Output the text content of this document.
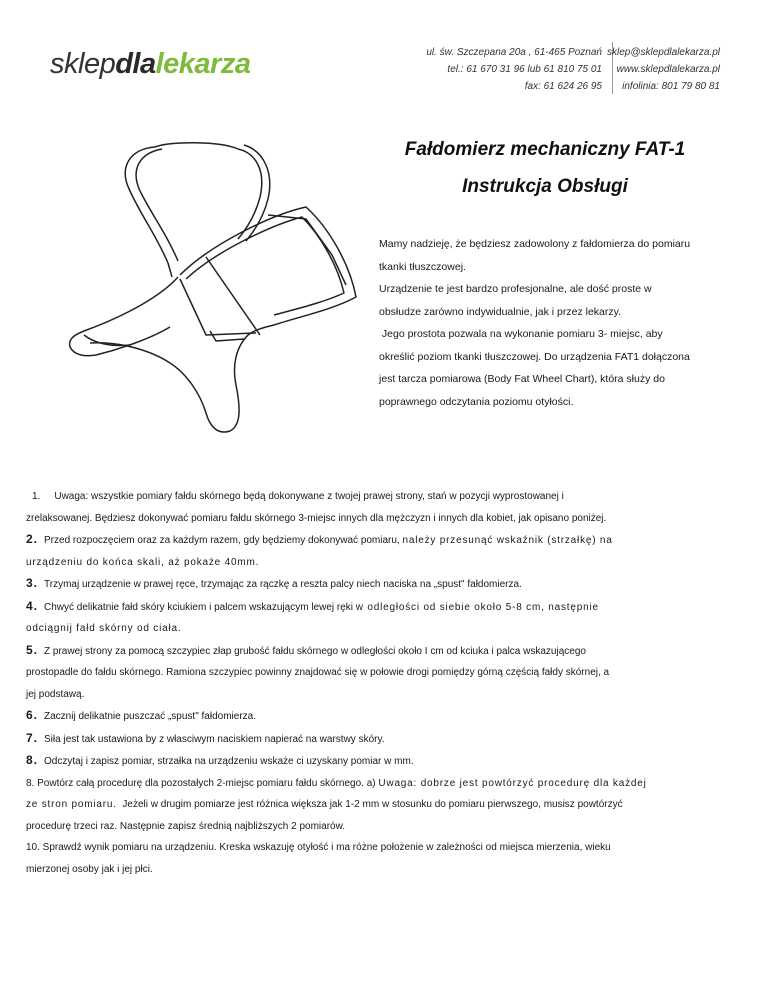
sklepdlalekarza	ul. św. Szczepana 20a , 61-465 Poznań
tel.: 61 670 31 96 lub 61 810 75 01
fax: 61 624 26 95
sklep@sklepdlalekarza.pl
www.sklepdlalekarza.pl
infolinia: 801 79 80 81
Fałdomierz mechaniczny FAT-1
Instrukcja Obsługi

Mamy nadzieję, że będziesz zadowolony z fałdomierza do pomiaru

tkanki tłuszczowej.

Urządzenie te jest bardzo profesjonalne, ale dość proste w

obsłudze zarówno indywidualnie, jak i przez lekarzy.

Jego prostota pozwala na wykonanie pomiaru 3- miejsc, aby

określić poziom tkanki tłuszczowej. Do urządzenia FAT1 dołączona

jest tarcza pomiarowa (Body Fat Wheel Chart), która służy do

poprawnego odczytania poziomu otyłości.

1. Uwaga: wszystkie pomiary fałdu skórnego będą dokonywane z twojej prawej strony, stań w pozycji wyprostowanej i

zrelaksowanej. Będziesz dokonywać pomiaru fałdu skórnego 3-miejsc innych dla mężczyzn i innych dla kobiet, jak opisano poniżej.

2. Przed rozpoczęciem oraz za każdym razem, gdy będziemy dokonywać pomiaru, należy przesunąć wskaźnik (strzałkę) na

urządzeniu do końca skali, aż pokaże 40mm.

3. Trzymaj urządzenie w prawej ręce, trzymając za rączkę a reszta palcy niech naciska na „spust" fałdomierza.

4. Chwyć delikatnie fałd skóry kciukiem i palcem wskazującym lewej ręki w odległości od siebie około 5-8 cm, następnie

odciągnij fałd skórny od ciała.

5. Z prawej strony za pomocą szczypiec złap grubość fałdu skórnego w odległości około I cm od kciuka i palca wskazującego

prostopadle do fałdu skórnego. Ramiona szczypiec powinny znajdować się w połowie drogi pomiędzy górną częścią fałdy skórnej, a

jej podstawą.

6. Zacznij delikatnie puszczać „spust" fałdomierza.

7. Siła jest tak ustawiona by z własciwym naciskiem napierać na warstwy skóry.

8. Odczytaj i zapisz pomiar, strzałka na urządzeniu wskaże ci uzyskany pomiar w mm.

8. Powtórz całą procedurę dla pozostałych 2-miejsc pomiaru fałdu skórnego. a) Uwaga: dobrze jest powtórzyć procedurę dla każdej

ze stron pomiaru.  Jeżeli w drugim pomiarze jest różnica większa jak 1-2 mm w stosunku do pomiaru pierwszego, musisz powtórzyć

procedurę trzeci raz. Następnie zapisz średnią najbliższych 2 pomiarów.

10. Sprawdź wynik pomiaru na urządzeniu. Kreska wskazuję otyłość i ma różne położenie w zależności od miejsca mierzenia, wieku

mierzonej osoby jak i jej płci.
